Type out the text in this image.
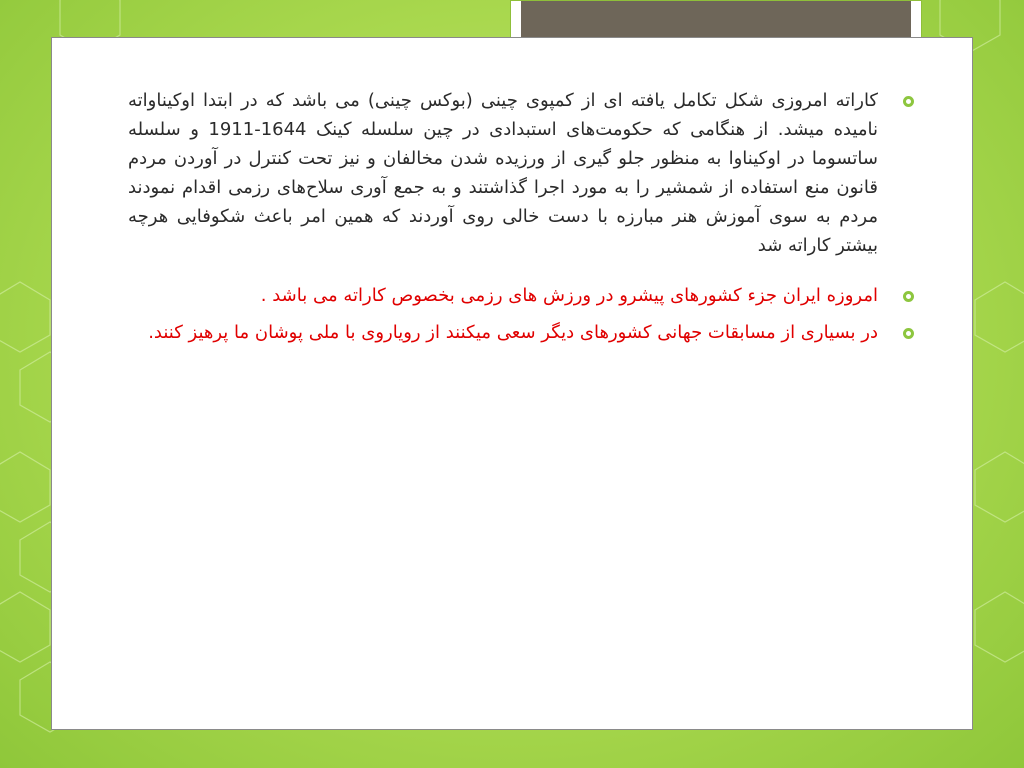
کاراته امروزی شکل تکامل یافته ای از کمپوی چینی (بوکس چینی) می باشد که در ابتدا اوکیناواته نامیده میشد. از هنگامی که حکومت‌های استبدادی در چین سلسله کینک 1644-1911 و سلسله ساتسوما در اوکیناوا به منظور جلو گیری از ورزیده شدن مخالفان و نیز تحت کنترل در آوردن مردم قانون منع استفاده از شمشیر را به مورد اجرا گذاشتند و به جمع آوری سلاح‌های رزمی اقدام نمودند مردم به سوی آموزش هنر مبارزه با دست خالی روی آوردند که همین امر باعث شکوفایی هرچه بیشتر کاراته شد
امروزه ایران جزء کشورهای پیشرو در ورزش های رزمی بخصوص کاراته می باشد .
در بسیاری از مسابقات جهانی کشورهای دیگر سعی میکنند از رویاروی با ملی پوشان ما پرهیز کنند.
